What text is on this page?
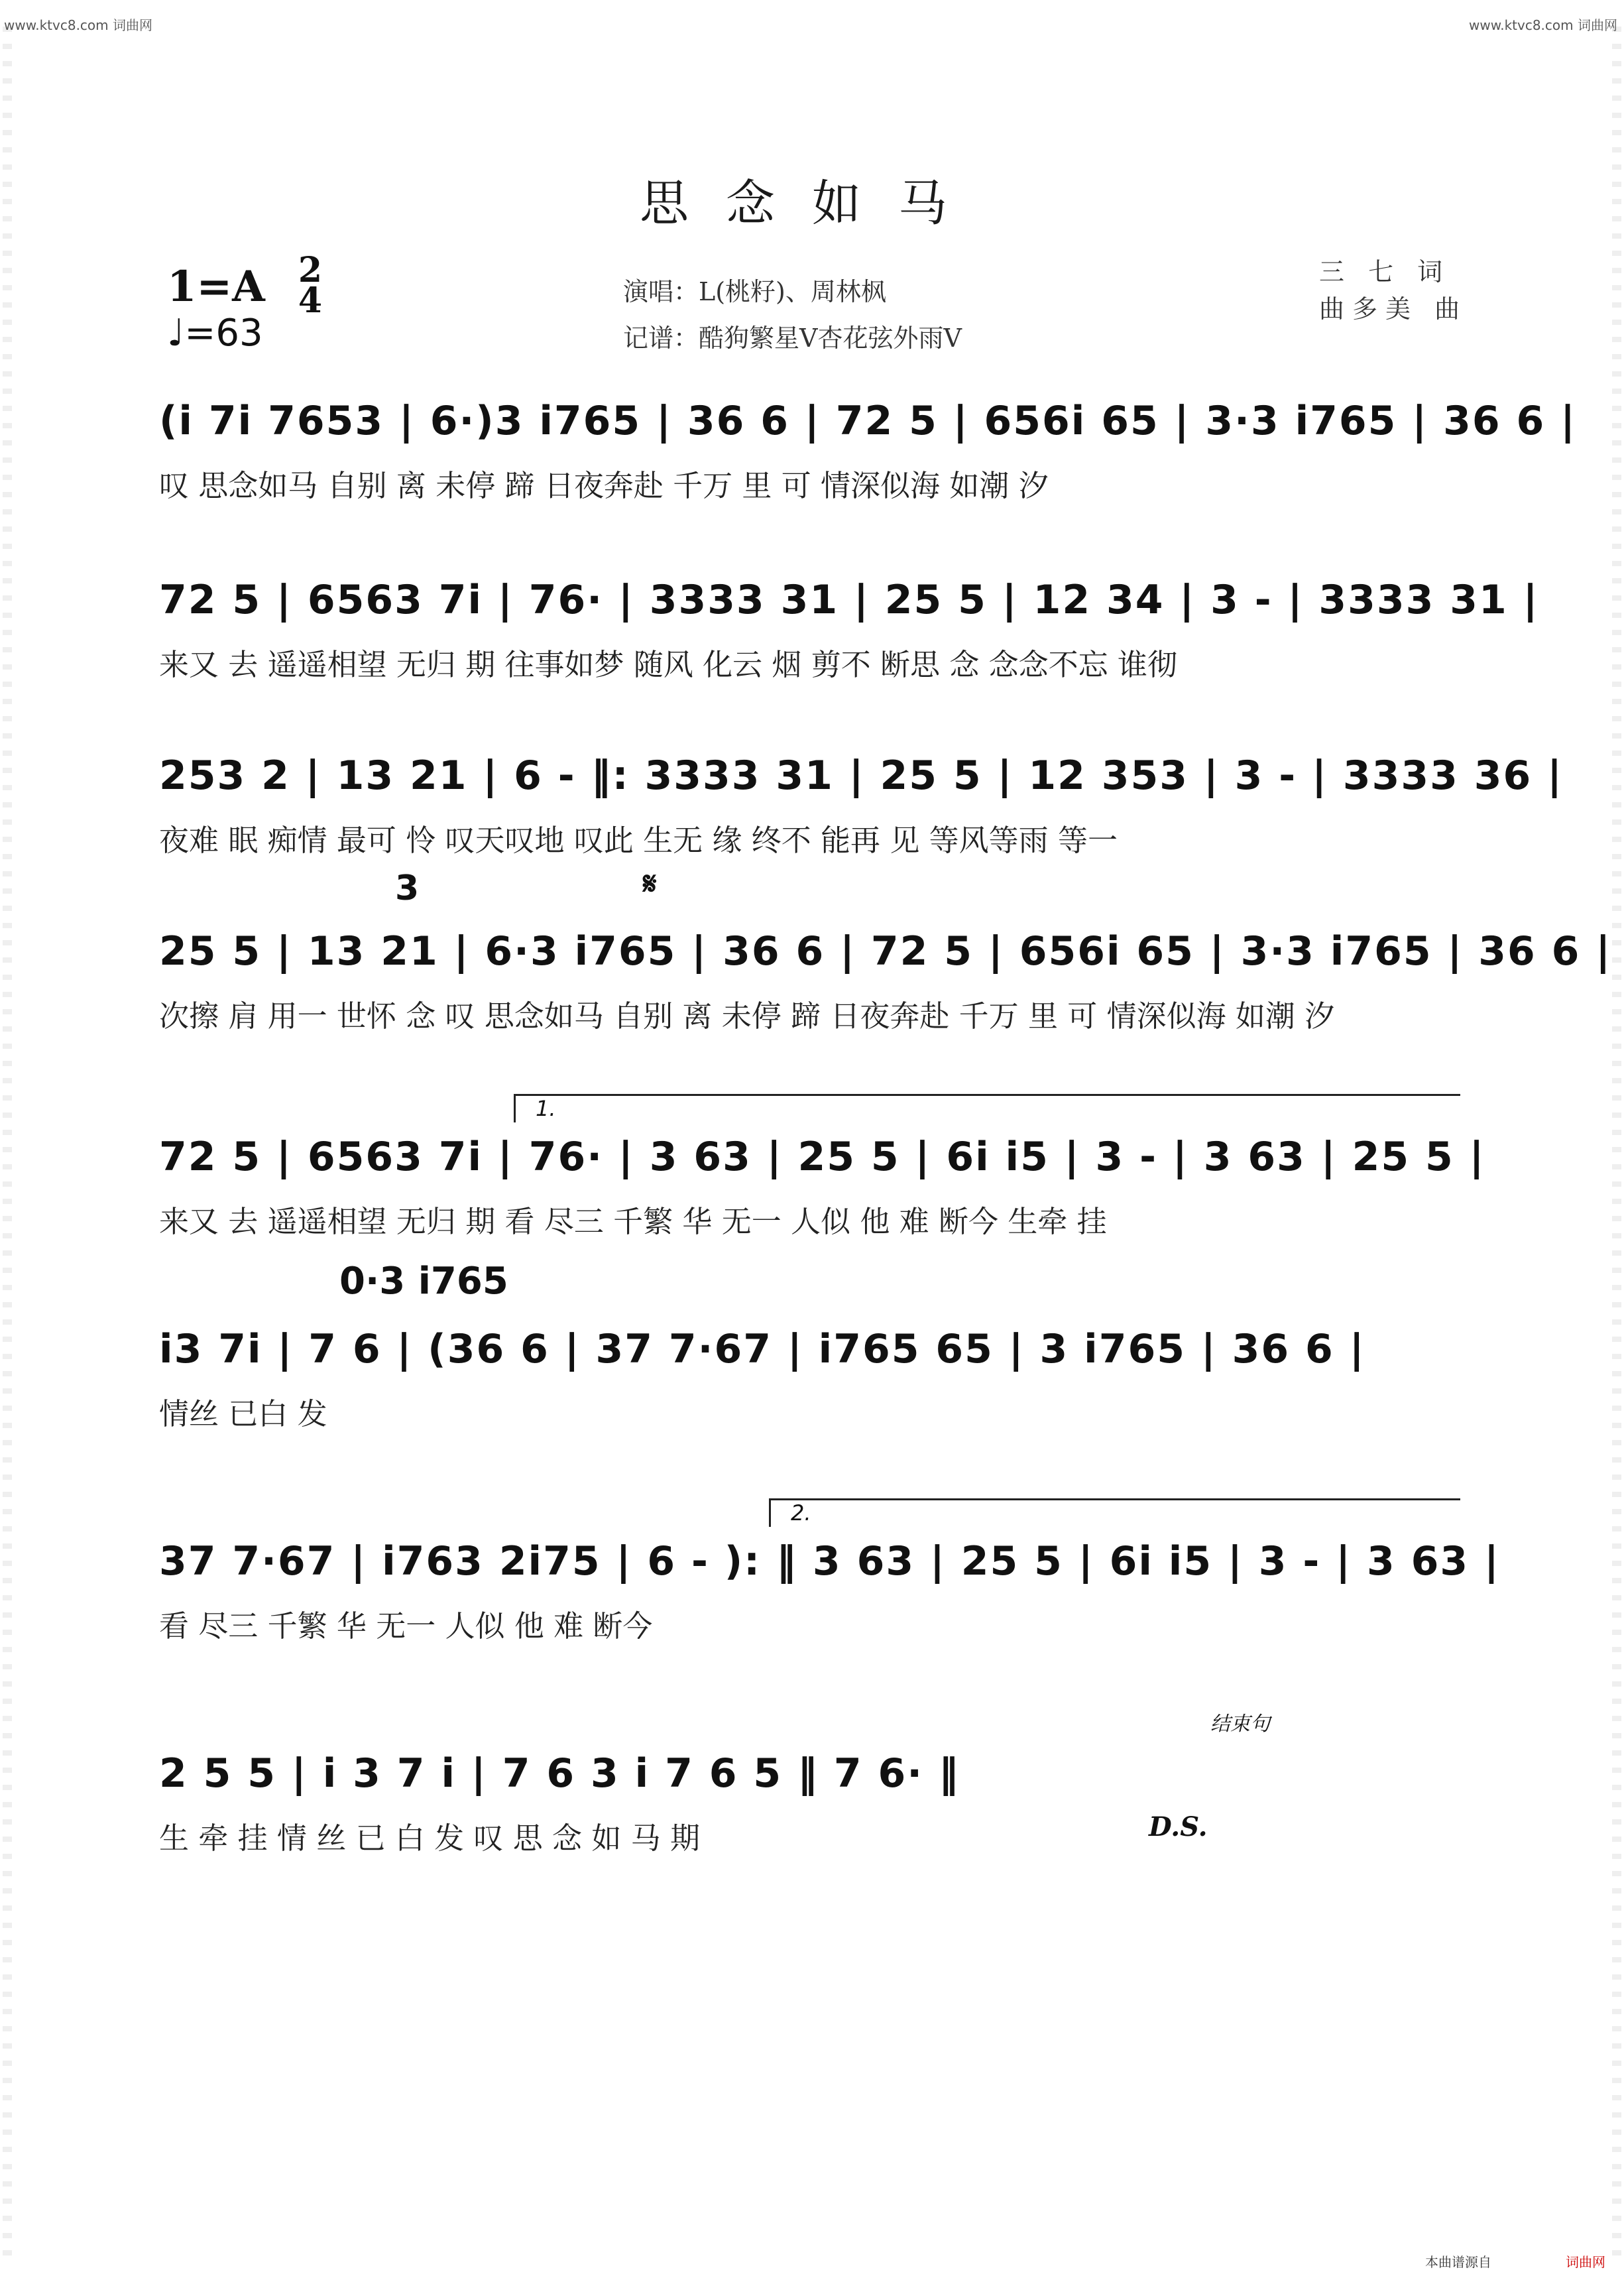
www.ktvc8.com 词曲网	www.ktvc8.com 词曲网
思念如马
1=A 2
4
♩=63
演唱：L(桃籽)、周林枫
记谱：酷狗繁星V杏花弦外雨V
三 七 词
曲多美 曲
𝄋
3
0·3 i765
结束句
D.S.
(i 7i 7653 | 6·)3 i765 | 36 6 | 72 5 | 656i 65 | 3·3 i765 | 36 6 |
叹 思念如马 自别 离 未停 蹄 日夜奔赴 千万 里 可 情深似海 如潮 汐
72 5 | 6563 7i | 76· | 3333 31 | 25 5 | 12 34 | 3 - | 3333 31 |
来又 去 遥遥相望 无归 期 往事如梦 随风 化云 烟 剪不 断思 念 念念不忘 谁彻
253 2 | 13 21 | 6 - ‖: 3333 31 | 25 5 | 12 353 | 3 - | 3333 36 |
夜难 眠 痴情 最可 怜 叹天叹地 叹此 生无 缘 终不 能再 见 等风等雨 等一
25 5 | 13 21 | 6·3 i765 | 36 6 | 72 5 | 656i 65 | 3·3 i765 | 36 6 |
次擦 肩 用一 世怀 念 叹 思念如马 自别 离 未停 蹄 日夜奔赴 千万 里 可 情深似海 如潮 汐
1.
72 5 | 6563 7i | 76· | 3 63 | 25 5 | 6i i5 | 3 - | 3 63 | 25 5 |
来又 去 遥遥相望 无归 期 看 尽三 千繁 华 无一 人似 他 难 断今 生牵 挂
i3 7i | 7 6 | (36 6 | 37 7·67 | i765 65 | 3 i765 | 36 6 |
情丝 已白 发
2.
37 7·67 | i763 2i75 | 6 - ): ‖ 3 63 | 25 5 | 6i i5 | 3 - | 3 63 |
看 尽三 千繁 华 无一 人似 他 难 断今
2 5 5 | i 3 7 i | 7 6 3 i 7 6 5 ‖ 7 6· ‖
生 牵 挂 情 丝 已 白 发 叹 思 念 如 马 期
本曲谱源自	词曲网
